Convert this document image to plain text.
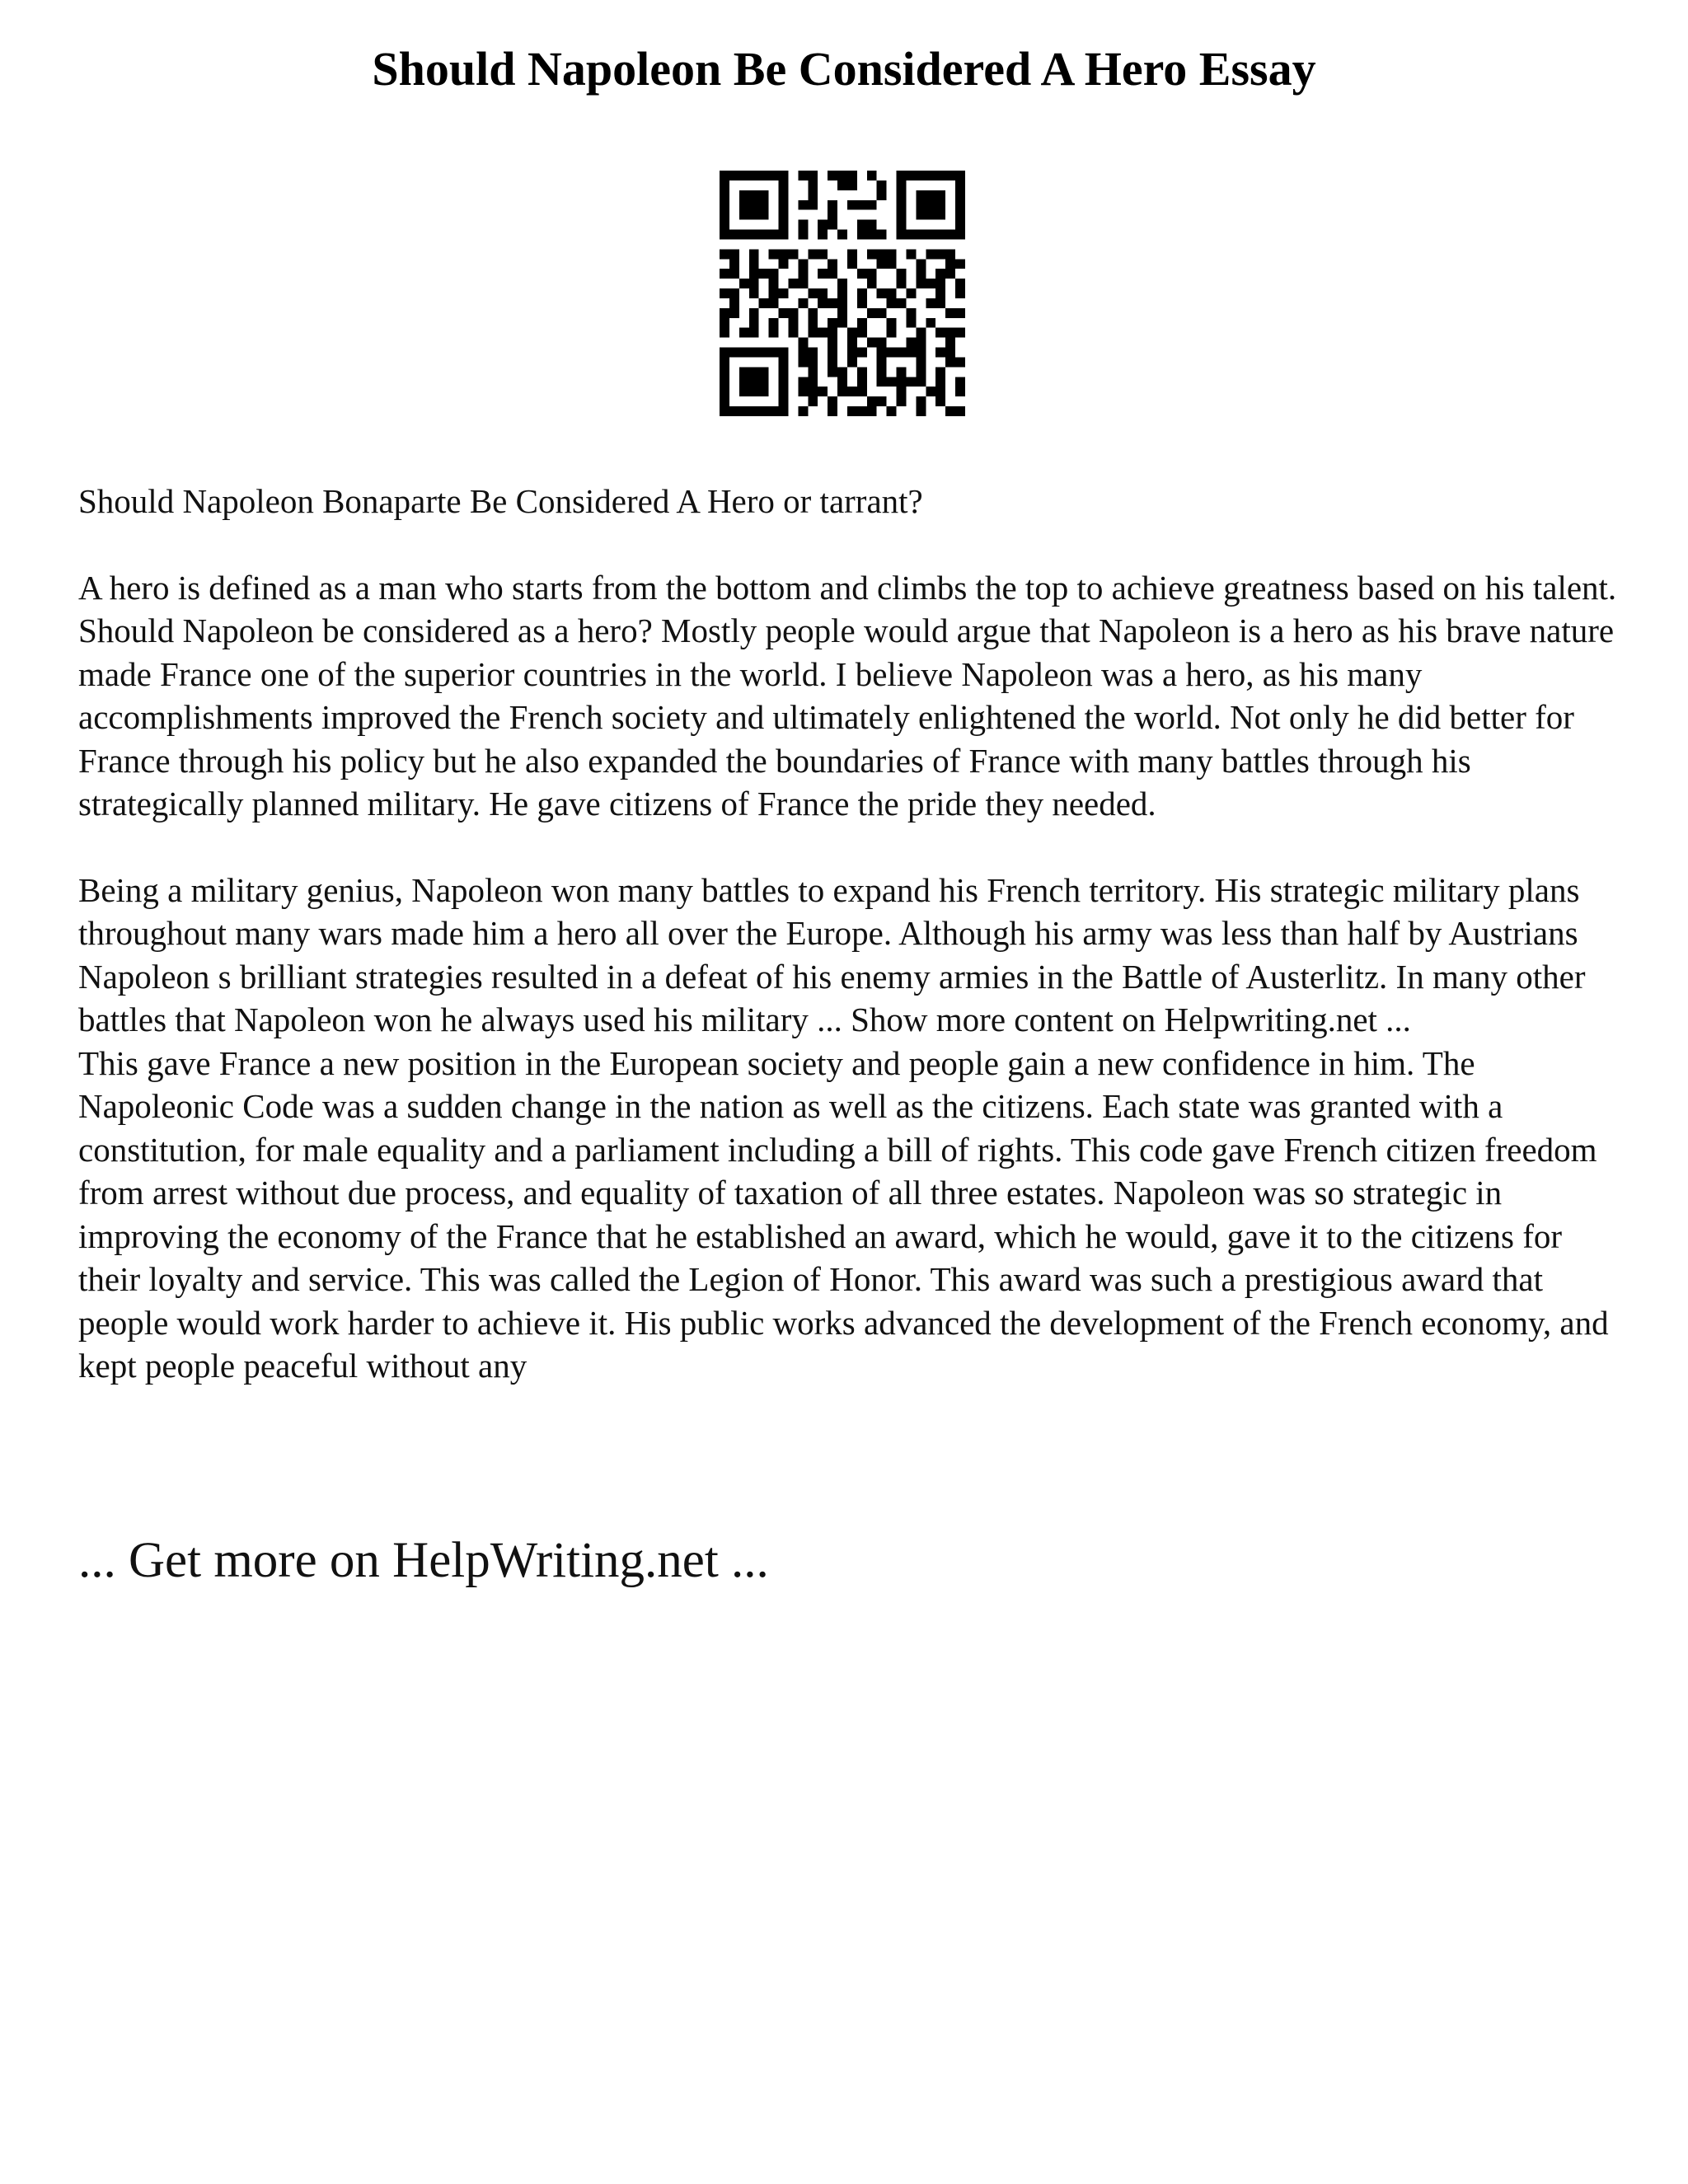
Should Napoleon Be Considered A Hero Essay

Should Napoleon Bonaparte Be Considered A Hero or tarrant?

A hero is defined as a man who starts from the bottom and climbs the top to achieve greatness based on his talent. Should Napoleon be considered as a hero? Mostly people would argue that Napoleon is a hero as his brave nature made France one of the superior countries in the world. I believe Napoleon was a hero, as his many accomplishments improved the French society and ultimately enlightened the world. Not only he did better for France through his policy but he also expanded the boundaries of France with many battles through his strategically planned military. He gave citizens of France the pride they needed.

Being a military genius, Napoleon won many battles to expand his French territory. His strategic military plans throughout many wars made him a hero all over the Europe. Although his army was less than half by Austrians Napoleon s brilliant strategies resulted in a defeat of his enemy armies in the Battle of Austerlitz. In many other battles that Napoleon won he always used his military ... Show more content on Helpwriting.net ...

This gave France a new position in the European society and people gain a new confidence in him. The Napoleonic Code was a sudden change in the nation as well as the citizens. Each state was granted with a constitution, for male equality and a parliament including a bill of rights. This code gave French citizen freedom from arrest without due process, and equality of taxation of all three estates. Napoleon was so strategic in improving the economy of the France that he established an award, which he would, gave it to the citizens for their loyalty and service. This was called the Legion of Honor. This award was such a prestigious award that people would work harder to achieve it. His public works advanced the development of the French economy, and kept people peaceful without any

... Get more on HelpWriting.net ...
